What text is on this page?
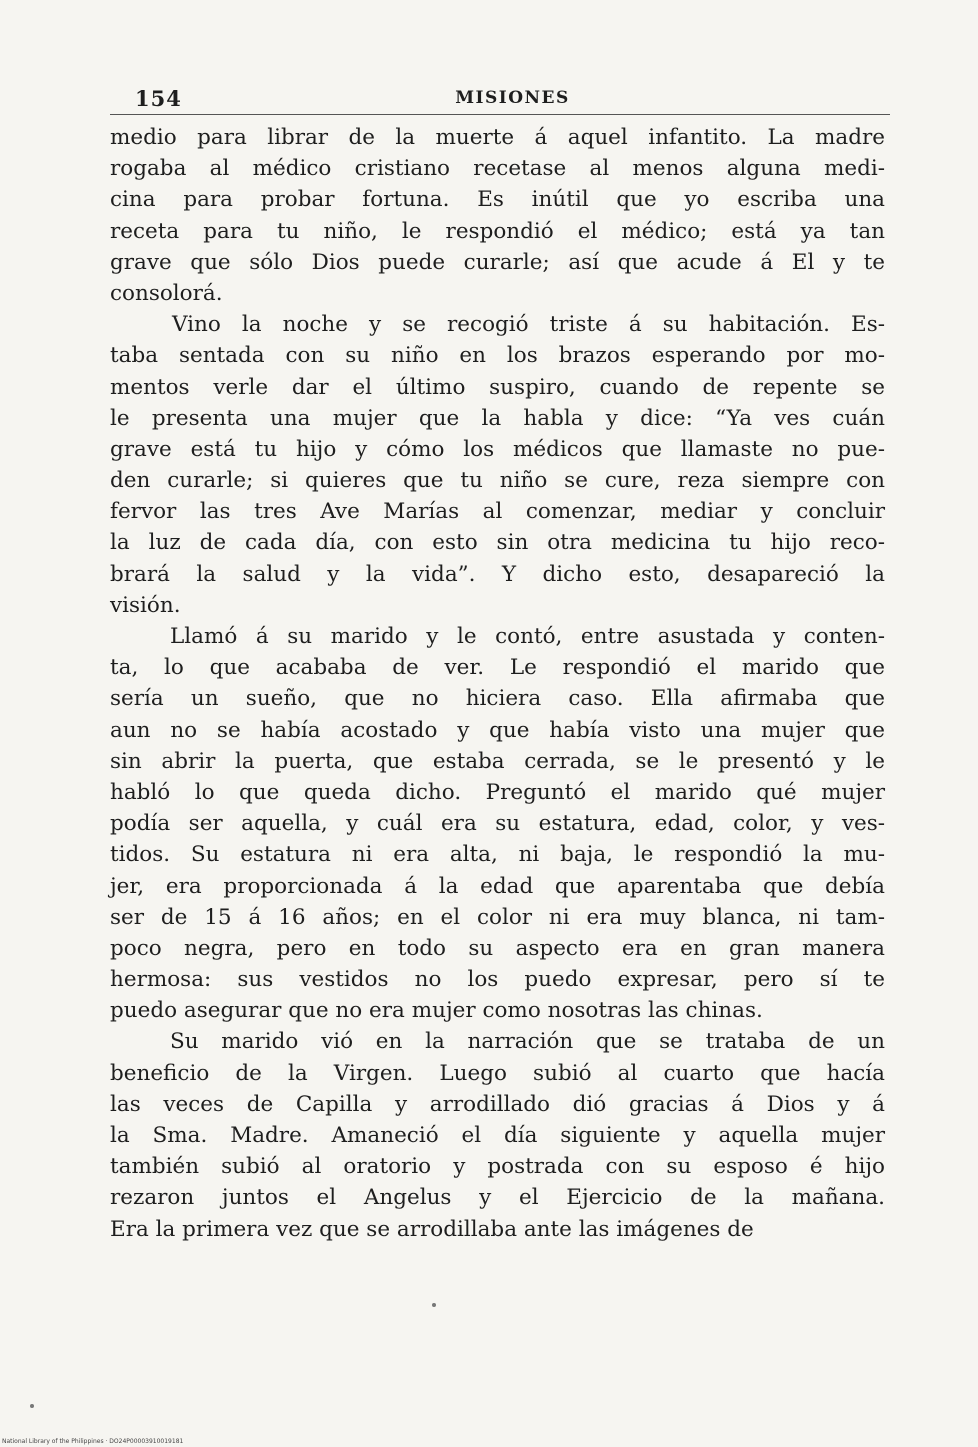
154	MISIONES
medio para librar de la muerte á aquel infantito. La madre
rogaba al médico cristiano recetase al menos alguna medi-
cina para probar fortuna. Es inútil que yo escriba una
receta para tu niño, le respondió el médico; está ya tan
grave que sólo Dios puede curarle; así que acude á El y te
consolorá.
Vino la noche y se recogió triste á su habitación. Es-
taba sentada con su niño en los brazos esperando por mo-
mentos verle dar el último suspiro, cuando de repente se
le presenta una mujer que la habla y dice: “Ya ves cuán
grave está tu hijo y cómo los médicos que llamaste no pue-
den curarle; si quieres que tu niño se cure, reza siempre con
fervor las tres Ave Marías al comenzar, mediar y concluir
la luz de cada día, con esto sin otra medicina tu hijo reco-
brará la salud y la vida”. Y dicho esto, desapareció la
visión.
Llamó á su marido y le contó, entre asustada y conten-
ta, lo que acababa de ver. Le respondió el marido que
sería un sueño, que no hiciera caso. Ella afirmaba que
aun no se había acostado y que había visto una mujer que
sin abrir la puerta, que estaba cerrada, se le presentó y le
habló lo que queda dicho. Preguntó el marido qué mujer
podía ser aquella, y cuál era su estatura, edad, color, y ves-
tidos. Su estatura ni era alta, ni baja, le respondió la mu-
jer, era proporcionada á la edad que aparentaba que debía
ser de 15 á 16 años; en el color ni era muy blanca, ni tam-
poco negra, pero en todo su aspecto era en gran manera
hermosa: sus vestidos no los puedo expresar, pero sí te
puedo asegurar que no era mujer como nosotras las chinas.
Su marido vió en la narración que se trataba de un
beneficio de la Virgen. Luego subió al cuarto que hacía
las veces de Capilla y arrodillado dió gracias á Dios y á
la Sma. Madre. Amaneció el día siguiente y aquella mujer
también subió al oratorio y postrada con su esposo é hijo
rezaron juntos el Angelus y el Ejercicio de la mañana.
Era la primera vez que se arrodillaba ante las imágenes de
National Library of the Philippines · DO24P00003910019181
